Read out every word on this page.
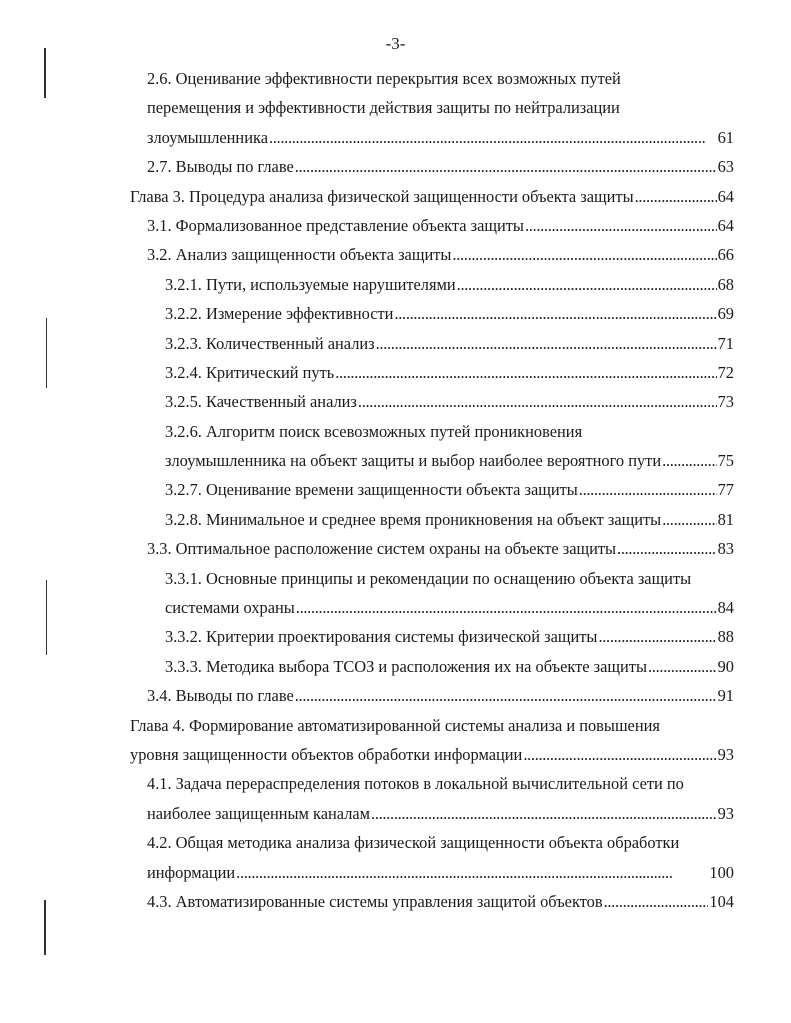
-3-
2.6. Оценивание эффективности перекрытия всех возможных путей
перемещения и эффективности действия защиты по нейтрализации
злоумышленника . . .	61
2.7. Выводы по главе . . .	63
Глава 3. Процедура анализа физической защищенности объекта защиты . . .	64
3.1. Формализованное представление объекта защиты . . .	64
3.2. Анализ защищенности объекта защиты . . .	66
3.2.1. Пути, используемые нарушителями . . .	68
3.2.2. Измерение эффективности . . .	69
3.2.3. Количественный анализ . . .	71
3.2.4. Критический путь . . .	72
3.2.5. Качественный анализ . . .	73
3.2.6. Алгоритм поиск всевозможных путей проникновения
злоумышленника на объект защиты и выбор наиболее вероятного пути . . .	75
3.2.7. Оценивание времени защищенности объекта защиты . . .	77
3.2.8. Минимальное и среднее время проникновения на объект защиты . . .	81
3.3. Оптимальное расположение систем охраны на объекте защиты . . .	83
3.3.1. Основные принципы и рекомендации по оснащению объекта защиты
системами охраны . . .	84
3.3.2. Критерии проектирования системы физической защиты . . .	88
3.3.3. Методика выбора ТСОЗ и расположения их на объекте защиты . . .	90
3.4. Выводы по главе . . .	91
Глава 4. Формирование автоматизированной системы анализа и повышения
уровня защищенности объектов обработки информации . . .	93
4.1. Задача перераспределения потоков в локальной вычислительной сети по
наиболее защищенным каналам . . .	93
4.2. Общая методика анализа физической защищенности объекта обработки
информации . . .	100
4.3. Автоматизированные системы управления защитой объектов . . .	104
